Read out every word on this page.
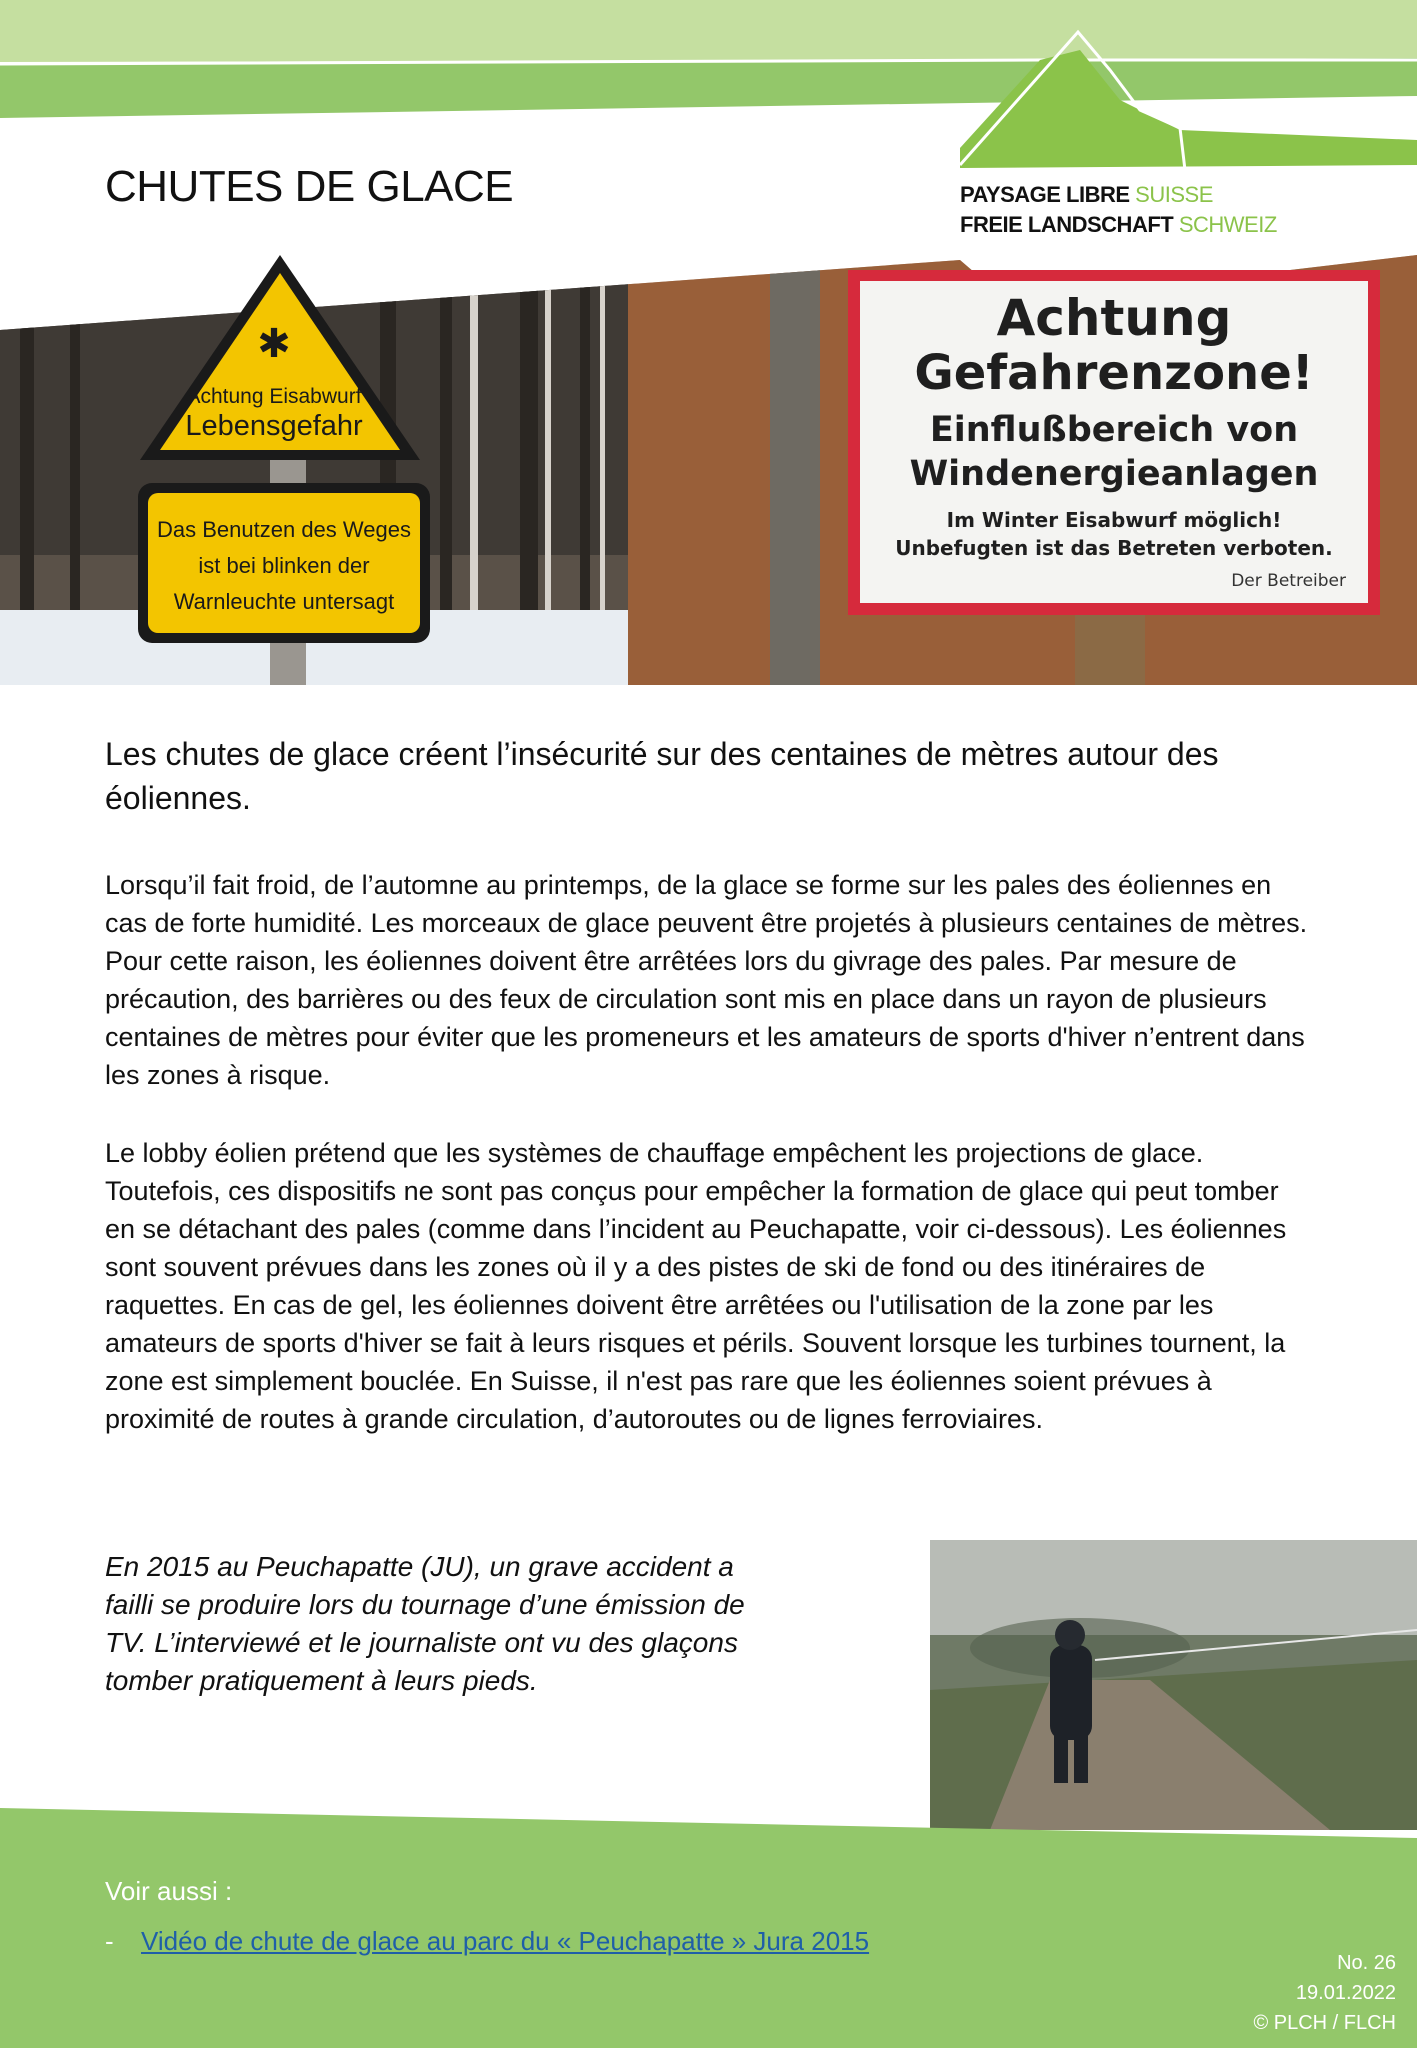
PAYSAGE LIBRE SUISSE
FREIE LANDSCHAFT SCHWEIZ
CHUTES DE GLACE
✱
Achtung Eisabwurf
Lebensgefahr
Das Benutzen des Weges
ist bei blinken der
Warnleuchte untersagt
Achtung
Gefahrenzone!
Einflußbereich von
Windenergieanlagen
Im Winter Eisabwurf möglich!
Unbefugten ist das Betreten verboten.
Der Betreiber
Les chutes de glace créent l’insécurité sur des centaines de mètres autour des éoliennes.

Lorsqu’il fait froid, de l’automne au printemps, de la glace se forme sur les pales des éoliennes en cas de forte humidité. Les morceaux de glace peuvent être projetés à plusieurs centaines de mètres. Pour cette raison, les éoliennes doivent être arrêtées lors du givrage des pales. Par mesure de précaution, des barrières ou des feux de circulation sont mis en place dans un rayon de plusieurs centaines de mètres pour éviter que les promeneurs et les amateurs de sports d'hiver n’entrent dans les zones à risque.

Le lobby éolien prétend que les systèmes de chauffage empêchent les projections de glace. Toutefois, ces dispositifs ne sont pas conçus pour empêcher la formation de glace qui peut tomber en se détachant des pales (comme dans l’incident au Peuchapatte, voir ci-dessous). Les éoliennes sont souvent prévues dans les zones où il y a des pistes de ski de fond ou des itinéraires de raquettes. En cas de gel, les éoliennes doivent être arrêtées ou l'utilisation de la zone par les amateurs de sports d'hiver se fait à leurs risques et périls. Souvent lorsque les turbines tournent, la zone est simplement bouclée. En Suisse, il n'est pas rare que les éoliennes soient prévues à proximité de routes à grande circulation, d’autoroutes ou de lignes ferroviaires.

En 2015 au Peuchapatte (JU), un grave accident a failli se produire lors du tournage d’une émission de TV. L’interviewé et le journaliste ont vu des glaçons tomber pratiquement à leurs pieds.

Voir aussi :
- Vidéo de chute de glace au parc du « Peuchapatte » Jura 2015
No. 26
19.01.2022
© PLCH / FLCH
